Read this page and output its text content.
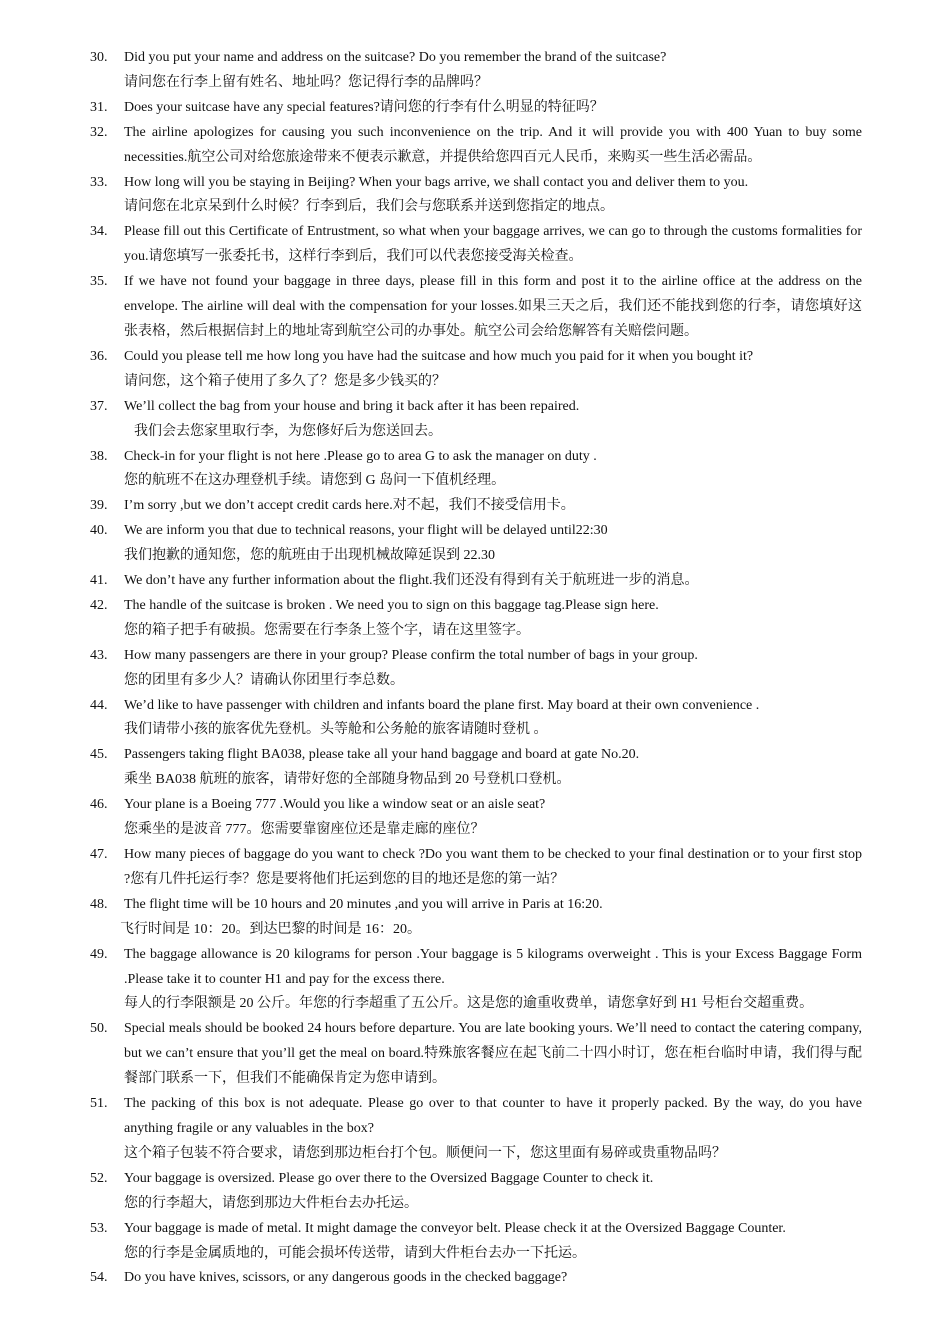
30.	Did you put your name and address on the suitcase? Do you remember the brand of the suitcase?
请问您在行李上留有姓名、地址吗？您记得行李的品牌吗？
31.	Does your suitcase have any special features?请问您的行李有什么明显的特征吗？
32.	The airline apologizes for causing you such inconvenience on the trip. And it will provide you with 400 Yuan to buy some necessities.航空公司对给您旅途带来不便表示歉意，并提供给您四百元人民币，来购买一些生活必需品。
33.	How long will you be staying in Beijing? When your bags arrive, we shall contact you and deliver them to you.
请问您在北京呆到什么时候？行李到后，我们会与您联系并送到您指定的地点。
34.	Please fill out this Certificate of Entrustment, so what when your baggage arrives, we can go to through the customs formalities for you.请您填写一张委托书，这样行李到后，我们可以代表您接受海关检查。
35.	If we have not found your baggage in three days, please fill in this form and post it to the airline office at the address on the envelope. The airline will deal with the compensation for your losses.如果三天之后，我们还不能找到您的行李，请您填好这张表格，然后根据信封上的地址寄到航空公司的办事处。航空公司会给您解答有关赔偿问题。
36.	Could you please tell me how long you have had the suitcase and how much you paid for it when you bought it?
请问您，这个箱子使用了多久了？您是多少钱买的？
37.	We’ll collect the bag from your house and bring it back after it has been repaired.
我们会去您家里取行李，为您修好后为您送回去。
38.	Check-in for your flight is not here .Please go to area G to ask the manager on duty .
您的航班不在这办理登机手续。请您到 G 岛问一下值机经理。
39.	I’m sorry ,but we don’t accept credit cards here.对不起，我们不接受信用卡。
40.	We are inform you that due to technical reasons, your flight will be delayed until22:30
我们抱歉的通知您，您的航班由于出现机械故障延误到 22.30
41.	We don’t have any further information about the flight.我们还没有得到有关于航班进一步的消息。
42.	The handle of the suitcase is broken . We need you to sign on this baggage tag.Please sign here.
您的箱子把手有破损。您需要在行李条上签个字，请在这里签字。
43.	How many passengers are there in your group? Please confirm the total number of bags in your group.
您的团里有多少人？请确认你团里行李总数。
44.	We’d like to have passenger with children and infants board the plane first. May board at their own convenience .
我们请带小孩的旅客优先登机。头等舱和公务舱的旅客请随时登机 。
45.	Passengers taking flight BA038, please take all your hand baggage and board at gate No.20.
乘坐 BA038 航班的旅客，请带好您的全部随身物品到 20 号登机口登机。
46.	Your plane is a Boeing 777 .Would you like a window seat or an aisle seat?
您乘坐的是波音 777。您需要靠窗座位还是靠走廊的座位？
47.	How many pieces of baggage do you want to check ?Do you want them to be checked to your final destination or to your first stop ?您有几件托运行李？您是要将他们托运到您的目的地还是您的第一站？
48.	The flight time will be 10 hours and 20 minutes ,and you will arrive in Paris at 16:20.
飞行时间是 10：20。到达巴黎的时间是 16：20。
49.	The baggage allowance is 20 kilograms for person .Your baggage is 5 kilograms overweight . This is your Excess Baggage Form .Please take it to counter H1 and pay for the excess there.
每人的行李限额是 20 公斤。年您的行李超重了五公斤。这是您的逾重收费单，请您拿好到 H1 号柜台交超重费。
50.	Special meals should be booked 24 hours before departure. You are late booking yours. We’ll need to contact the catering company, but we can’t ensure that you’ll get the meal on board.特殊旅客餐应在起飞前二十四小时订，您在柜台临时申请，我们得与配餐部门联系一下，但我们不能确保肯定为您申请到。
51.	The packing of this box is not adequate. Please go over to that counter to have it properly packed. By the way, do you have anything fragile or any valuables in the box?
这个箱子包装不符合要求，请您到那边柜台打个包。顺便问一下，您这里面有易碎或贵重物品吗？
52.	Your baggage is oversized. Please go over there to the Oversized Baggage Counter to check it.
您的行李超大，请您到那边大件柜台去办托运。
53.	Your baggage is made of metal. It might damage the conveyor belt. Please check it at the Oversized Baggage Counter.
您的行李是金属质地的，可能会损坏传送带，请到大件柜台去办一下托运。
54.	Do you have knives, scissors, or any dangerous goods in the checked baggage?
